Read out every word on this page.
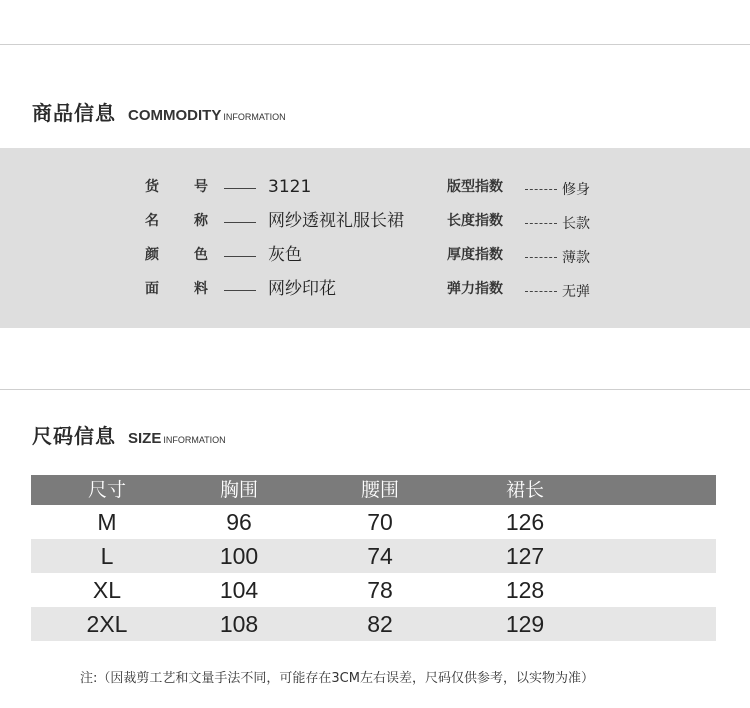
商品信息 COMMODITY INFORMATION
货	号	3121
名	称	网纱透视礼服长裙
颜	色	灰色
面	料	网纱印花
版型指数	修身
长度指数	长款
厚度指数	薄款
弹力指数	无弹
尺码信息 SIZE INFORMATION
尺寸	胸围	腰围	裙长
M	96	70	126
L	100	74	127
XL	104	78	128
2XL	108	82	129
注:（因裁剪工艺和文量手法不同，可能存在3CM左右误差，尺码仅供参考，以实物为准）
